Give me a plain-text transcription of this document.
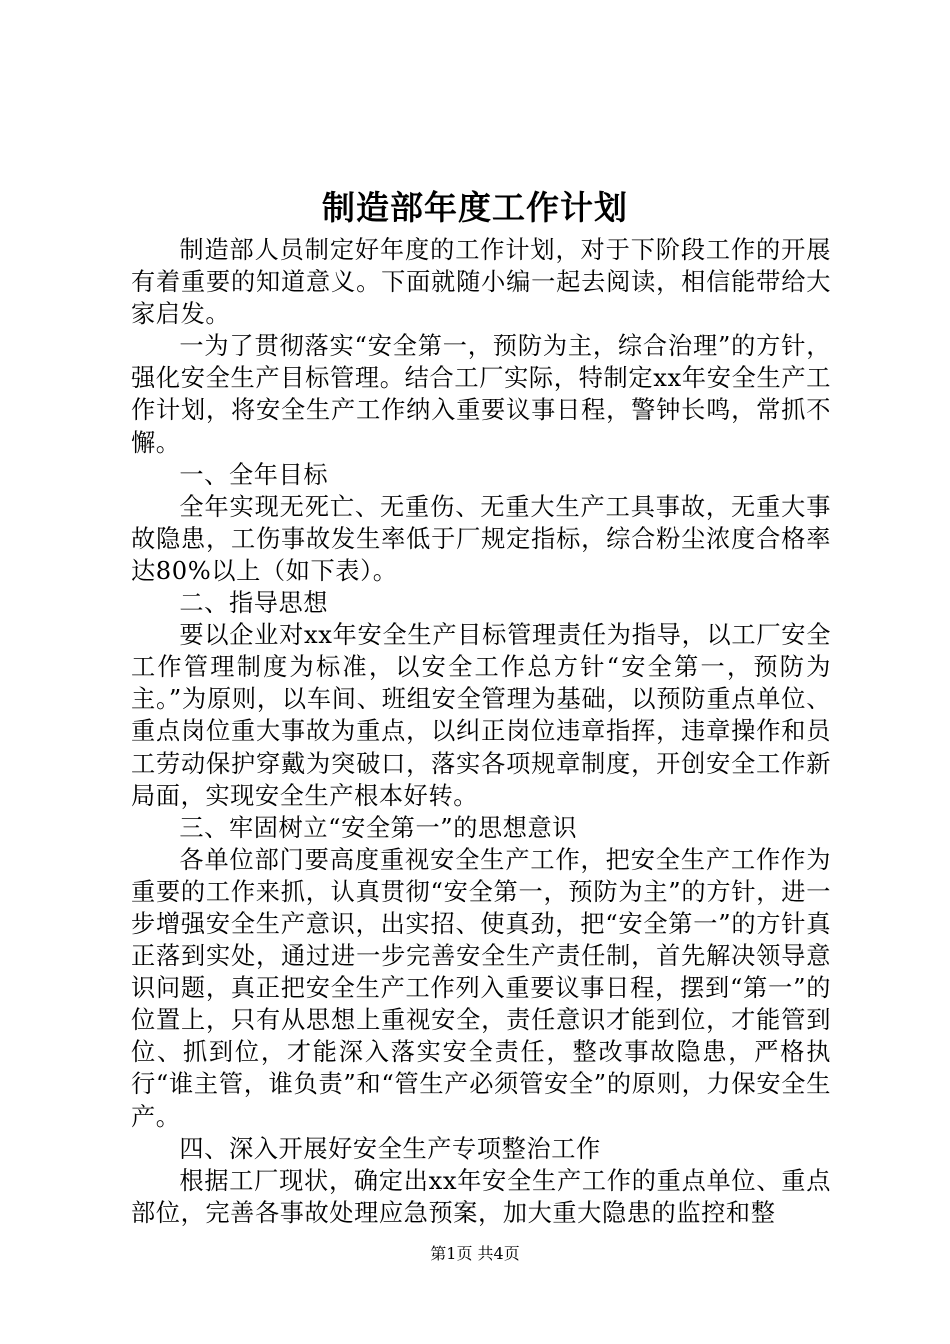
制造部年度工作计划

制造部人员制定好年度的工作计划，对于下阶段工作的开展有着重要的知道意义。下面就随小编一起去阅读，相信能带给大家启发。

一为了贯彻落实“安全第一，预防为主，综合治理”的方针，强化安全生产目标管理。结合工厂实际，特制定xx年安全生产工作计划，将安全生产工作纳入重要议事日程，警钟长鸣，常抓不懈。

一、全年目标

全年实现无死亡、无重伤、无重大生产工具事故，无重大事故隐患，工伤事故发生率低于厂规定指标，综合粉尘浓度合格率达80%以上（如下表）。

二、指导思想

要以企业对xx年安全生产目标管理责任为指导，以工厂安全工作管理制度为标准，以安全工作总方针“安全第一，预防为主。”为原则，以车间、班组安全管理为基础，以预防重点单位、重点岗位重大事故为重点，以纠正岗位违章指挥，违章操作和员工劳动保护穿戴为突破口，落实各项规章制度，开创安全工作新局面，实现安全生产根本好转。

三、牢固树立“安全第一”的思想意识

各单位部门要高度重视安全生产工作，把安全生产工作作为重要的工作来抓，认真贯彻“安全第一，预防为主”的方针，进一步增强安全生产意识，出实招、使真劲，把“安全第一”的方针真正落到实处，通过进一步完善安全生产责任制，首先解决领导意识问题，真正把安全生产工作列入重要议事日程，摆到“第一”的位置上，只有从思想上重视安全，责任意识才能到位，才能管到位、抓到位，才能深入落实安全责任，整改事故隐患，严格执行“谁主管，谁负责”和“管生产必须管安全”的原则，力保安全生产。

四、深入开展好安全生产专项整治工作

根据工厂现状，确定出xx年安全生产工作的重点单位、重点部位，完善各事故处理应急预案，加大重大隐患的监控和整

第1页 共4页
